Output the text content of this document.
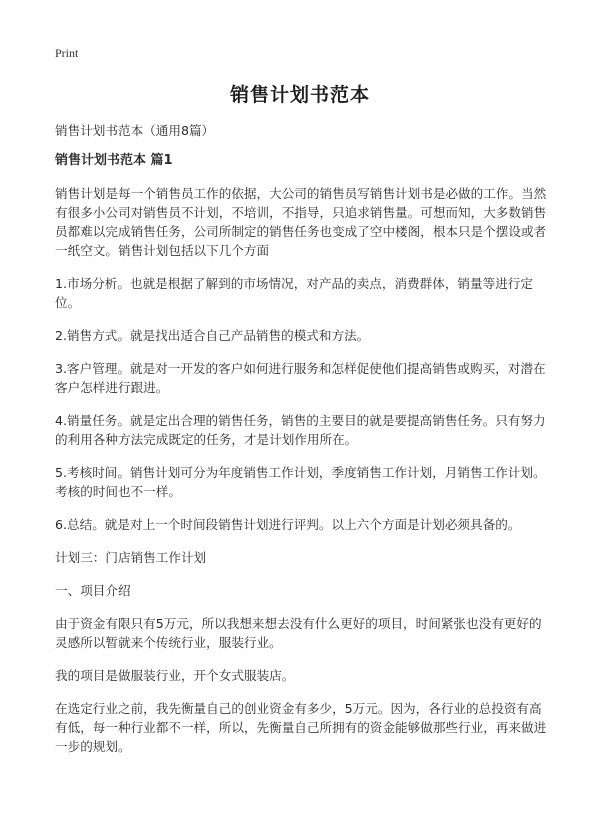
Print
销售计划书范本

销售计划书范本（通用8篇）

销售计划书范本 篇1

销售计划是每一个销售员工作的依据，大公司的销售员写销售计划书是必做的工作。当然有很多小公司对销售员不计划，不培训，不指导，只追求销售量。可想而知，大多数销售员都难以完成销售任务，公司所制定的销售任务也变成了空中楼阁，根本只是个摆设或者一纸空文。销售计划包括以下几个方面

1.市场分析。也就是根据了解到的市场情况，对产品的卖点，消费群体，销量等进行定位。

2.销售方式。就是找出适合自己产品销售的模式和方法。

3.客户管理。就是对一开发的客户如何进行服务和怎样促使他们提高销售或购买，对潜在客户怎样进行跟进。

4.销量任务。就是定出合理的销售任务，销售的主要目的就是要提高销售任务。只有努力的利用各种方法完成既定的任务，才是计划作用所在。

5.考核时间。销售计划可分为年度销售工作计划，季度销售工作计划，月销售工作计划。考核的时间也不一样。

6.总结。就是对上一个时间段销售计划进行评判。以上六个方面是计划必须具备的。

计划三：门店销售工作计划

一、项目介绍

由于资金有限只有5万元，所以我想来想去没有什么更好的项目，时间紧张也没有更好的灵感所以暂就来个传统行业，服装行业。

我的项目是做服装行业，开个女式服装店。

在选定行业之前，我先衡量自己的创业资金有多少，5万元。因为，各行业的总投资有高有低，每一种行业都不一样，所以，先衡量自己所拥有的资金能够做那些行业，再来做进一步的规划。
